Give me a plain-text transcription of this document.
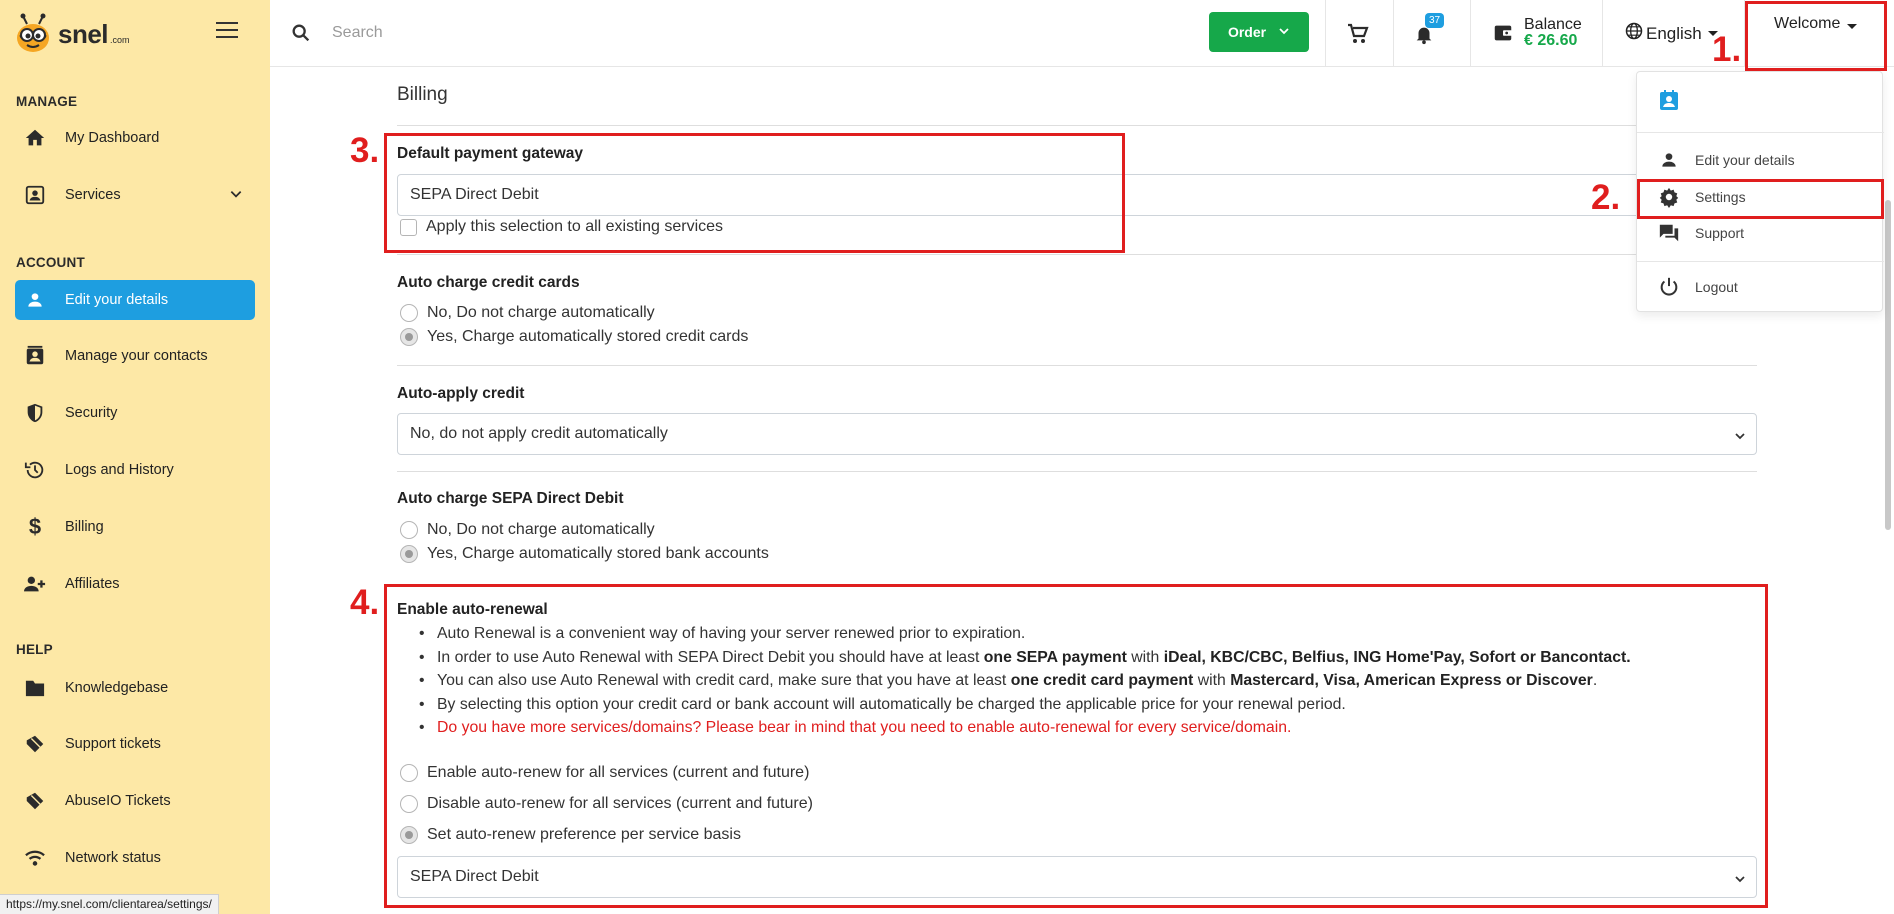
snel .com
MANAGE
My Dashboard
Services
ACCOUNT
Edit your details
Manage your contacts
Security
Logs and History
$ Billing
Affiliates
HELP
Knowledgebase
Support tickets
AbuseIO Tickets
Network status
Search
Order
37	Balance
€ 26.60	English	Welcome
Billing
Default payment gateway
SEPA Direct Debit
Apply this selection to all existing services
Auto charge credit cards
No, Do not charge automatically
Yes, Charge automatically stored credit cards
Auto-apply credit
No, do not apply credit automatically
Auto charge SEPA Direct Debit
No, Do not charge automatically
Yes, Charge automatically stored bank accounts
Enable auto-renewal
• Auto Renewal is a convenient way of having your server renewed prior to expiration.
• In order to use Auto Renewal with SEPA Direct Debit you should have at least one SEPA payment with iDeal, KBC/CBC, Belfius, ING Home'Pay, Sofort or Bancontact.
• You can also use Auto Renewal with credit card, make sure that you have at least one credit card payment with Mastercard, Visa, American Express or Discover.
• By selecting this option your credit card or bank account will automatically be charged the applicable price for your renewal period.
• Do you have more services/domains? Please bear in mind that you need to enable auto-renewal for every service/domain.
Enable auto-renew for all services (current and future)
Disable auto-renew for all services (current and future)
Set auto-renew preference per service basis
SEPA Direct Debit
Edit your details
Settings
Support
Logout
1.
2.
3.
4.
https://my.snel.com/clientarea/settings/
